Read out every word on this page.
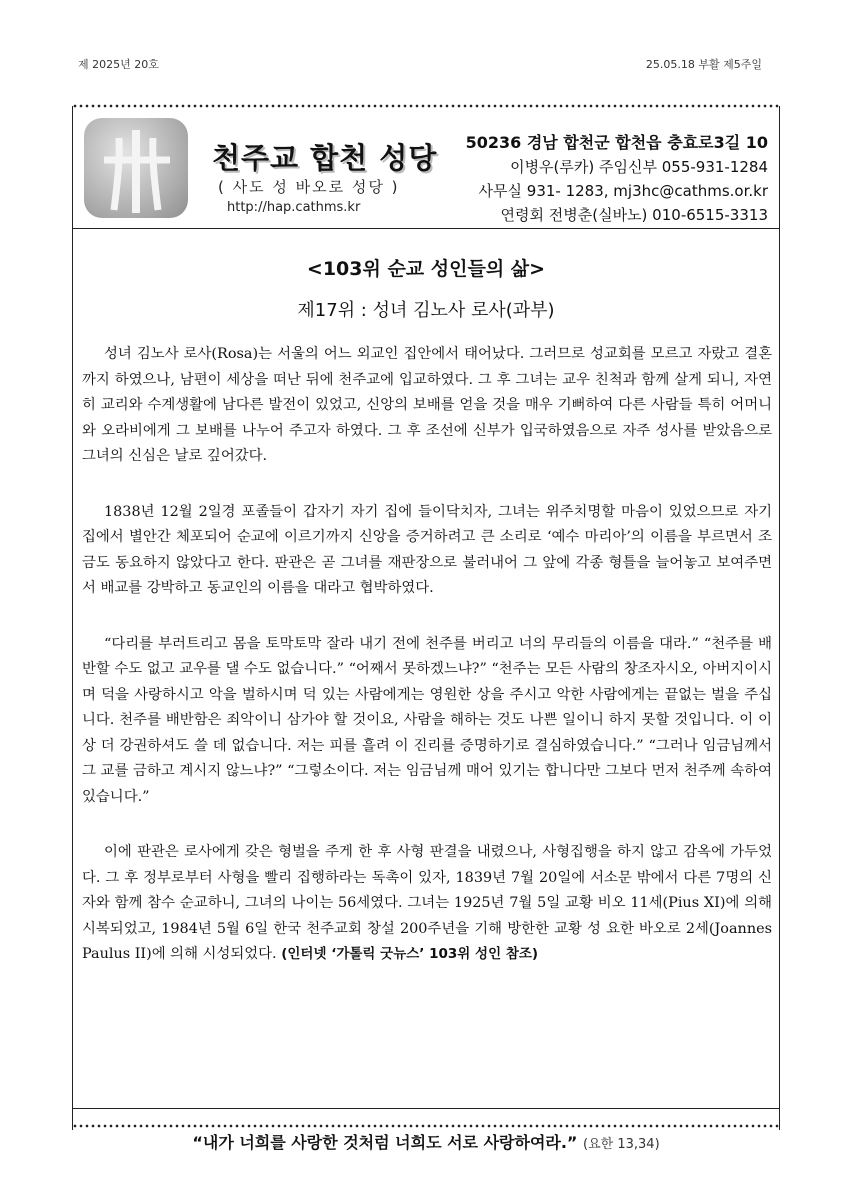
제 2025년 20호	25.05.18 부활 제5주일
천주교 합천 성당
( 사도 성 바오로 성당 )
http://hap.cathms.kr
50236 경남 합천군 합천읍 충효로3길 10
이병우(루카) 주임신부 055-931-1284
사무실 931- 1283, mj3hc@cathms.or.kr
연령회 전병춘(실바노) 010-6515-3313
<103위 순교 성인들의 삶>
제17위 : 성녀 김노사 로사(과부)

성녀 김노사 로사(Rosa)는 서울의 어느 외교인 집안에서 태어났다. 그러므로 성교회를 모르고 자랐고 결혼까지 하였으나, 남편이 세상을 떠난 뒤에 천주교에 입교하였다. 그 후 그녀는 교우 친척과 함께 살게 되니, 자연히 교리와 수계생활에 남다른 발전이 있었고, 신앙의 보배를 얻을 것을 매우 기뻐하여 다른 사람들 특히 어머니와 오라비에게 그 보배를 나누어 주고자 하였다. 그 후 조선에 신부가 입국하였음으로 자주 성사를 받았음으로 그녀의 신심은 날로 깊어갔다.

1838년 12월 2일경 포졸들이 갑자기 자기 집에 들이닥치자, 그녀는 위주치명할 마음이 있었으므로 자기 집에서 별안간 체포되어 순교에 이르기까지 신앙을 증거하려고 큰 소리로 ‘예수 마리아’의 이름을 부르면서 조금도 동요하지 않았다고 한다. 판관은 곧 그녀를 재판장으로 불러내어 그 앞에 각종 형틀을 늘어놓고 보여주면서 배교를 강박하고 동교인의 이름을 대라고 협박하였다.

“다리를 부러트리고 몸을 토막토막 잘라 내기 전에 천주를 버리고 너의 무리들의 이름을 대라.” “천주를 배반할 수도 없고 교우를 댈 수도 없습니다.” “어째서 못하겠느냐?” “천주는 모든 사람의 창조자시오, 아버지이시며 덕을 사랑하시고 악을 벌하시며 덕 있는 사람에게는 영원한 상을 주시고 악한 사람에게는 끝없는 벌을 주십니다. 천주를 배반함은 죄악이니 삼가야 할 것이요, 사람을 해하는 것도 나쁜 일이니 하지 못할 것입니다. 이 이상 더 강권하셔도 쓸 데 없습니다. 저는 피를 흘려 이 진리를 증명하기로 결심하였습니다.” “그러나 임금님께서 그 교를 금하고 계시지 않느냐?” “그렇소이다. 저는 임금님께 매어 있기는 합니다만 그보다 먼저 천주께 속하여 있습니다.”

이에 판관은 로사에게 갖은 형벌을 주게 한 후 사형 판결을 내렸으나, 사형집행을 하지 않고 감옥에 가두었다. 그 후 정부로부터 사형을 빨리 집행하라는 독촉이 있자, 1839년 7월 20일에 서소문 밖에서 다른 7명의 신자와 함께 참수 순교하니, 그녀의 나이는 56세였다. 그녀는 1925년 7월 5일 교황 비오 11세(Pius XI)에 의해 시복되었고, 1984년 5월 6일 한국 천주교회 창설 200주년을 기해 방한한 교황 성 요한 바오로 2세(Joannes Paulus II)에 의해 시성되었다. (인터넷 ‘가톨릭 굿뉴스’ 103위 성인 참조)

“내가 너희를 사랑한 것처럼 너희도 서로 사랑하여라.” (요한 13,34)
